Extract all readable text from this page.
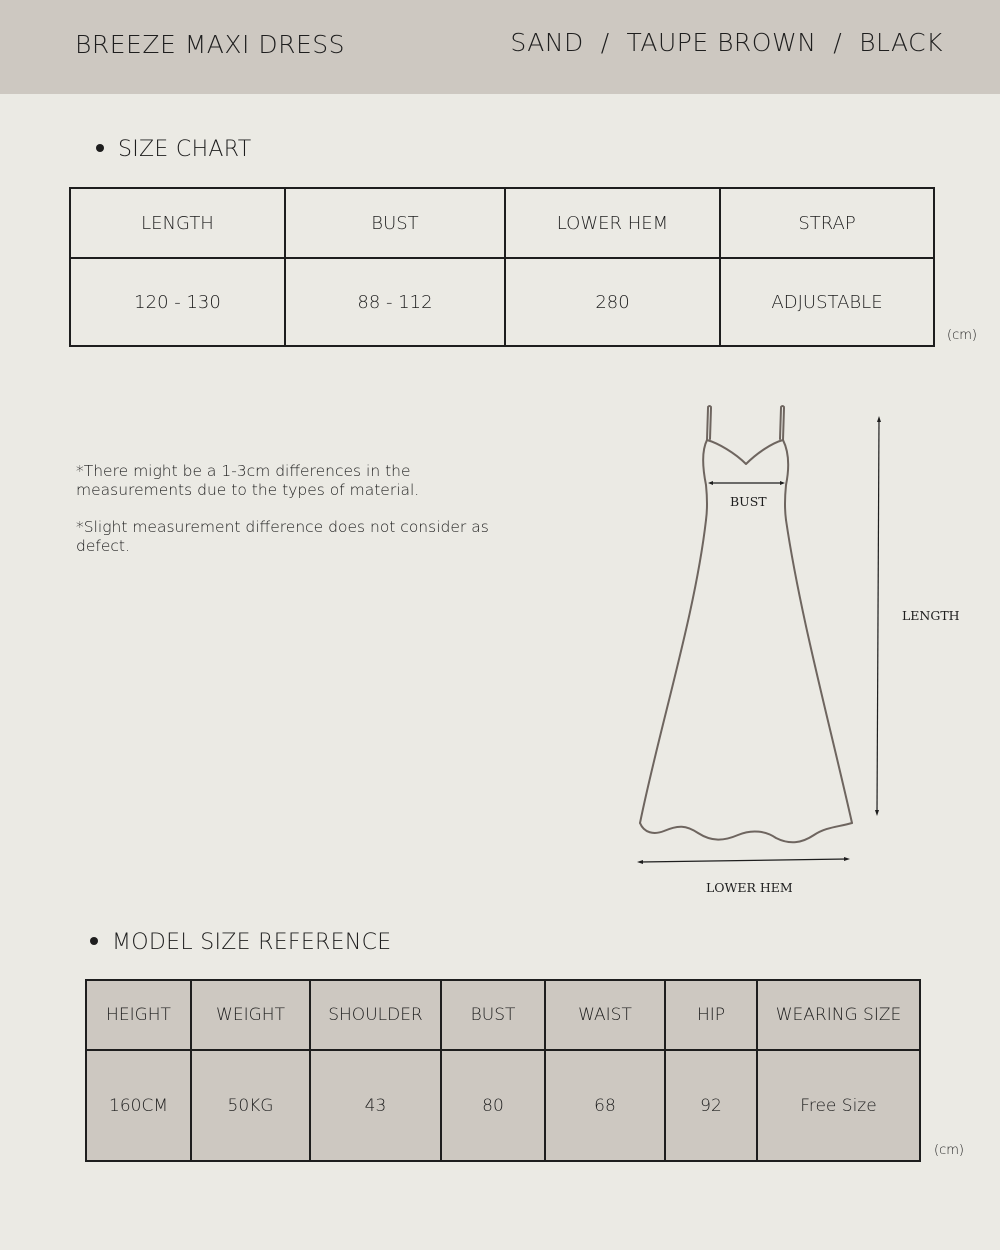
BREEZE MAXI DRESS	SAND  /  TAUPE BROWN  /  BLACK
SIZE CHART
LENGTH	BUST	LOWER HEM	STRAP
120 - 130	88 - 112	280	ADJUSTABLE
(cm)
*There might be a 1-3cm differences in the measurements due to the types of material.
*Slight measurement difference does not consider as defect.
BUST
LENGTH
LOWER HEM
MODEL SIZE REFERENCE
HEIGHT	WEIGHT	SHOULDER	BUST	WAIST	HIP	WEARING SIZE
160CM	50KG	43	80	68	92	Free Size
(cm)
